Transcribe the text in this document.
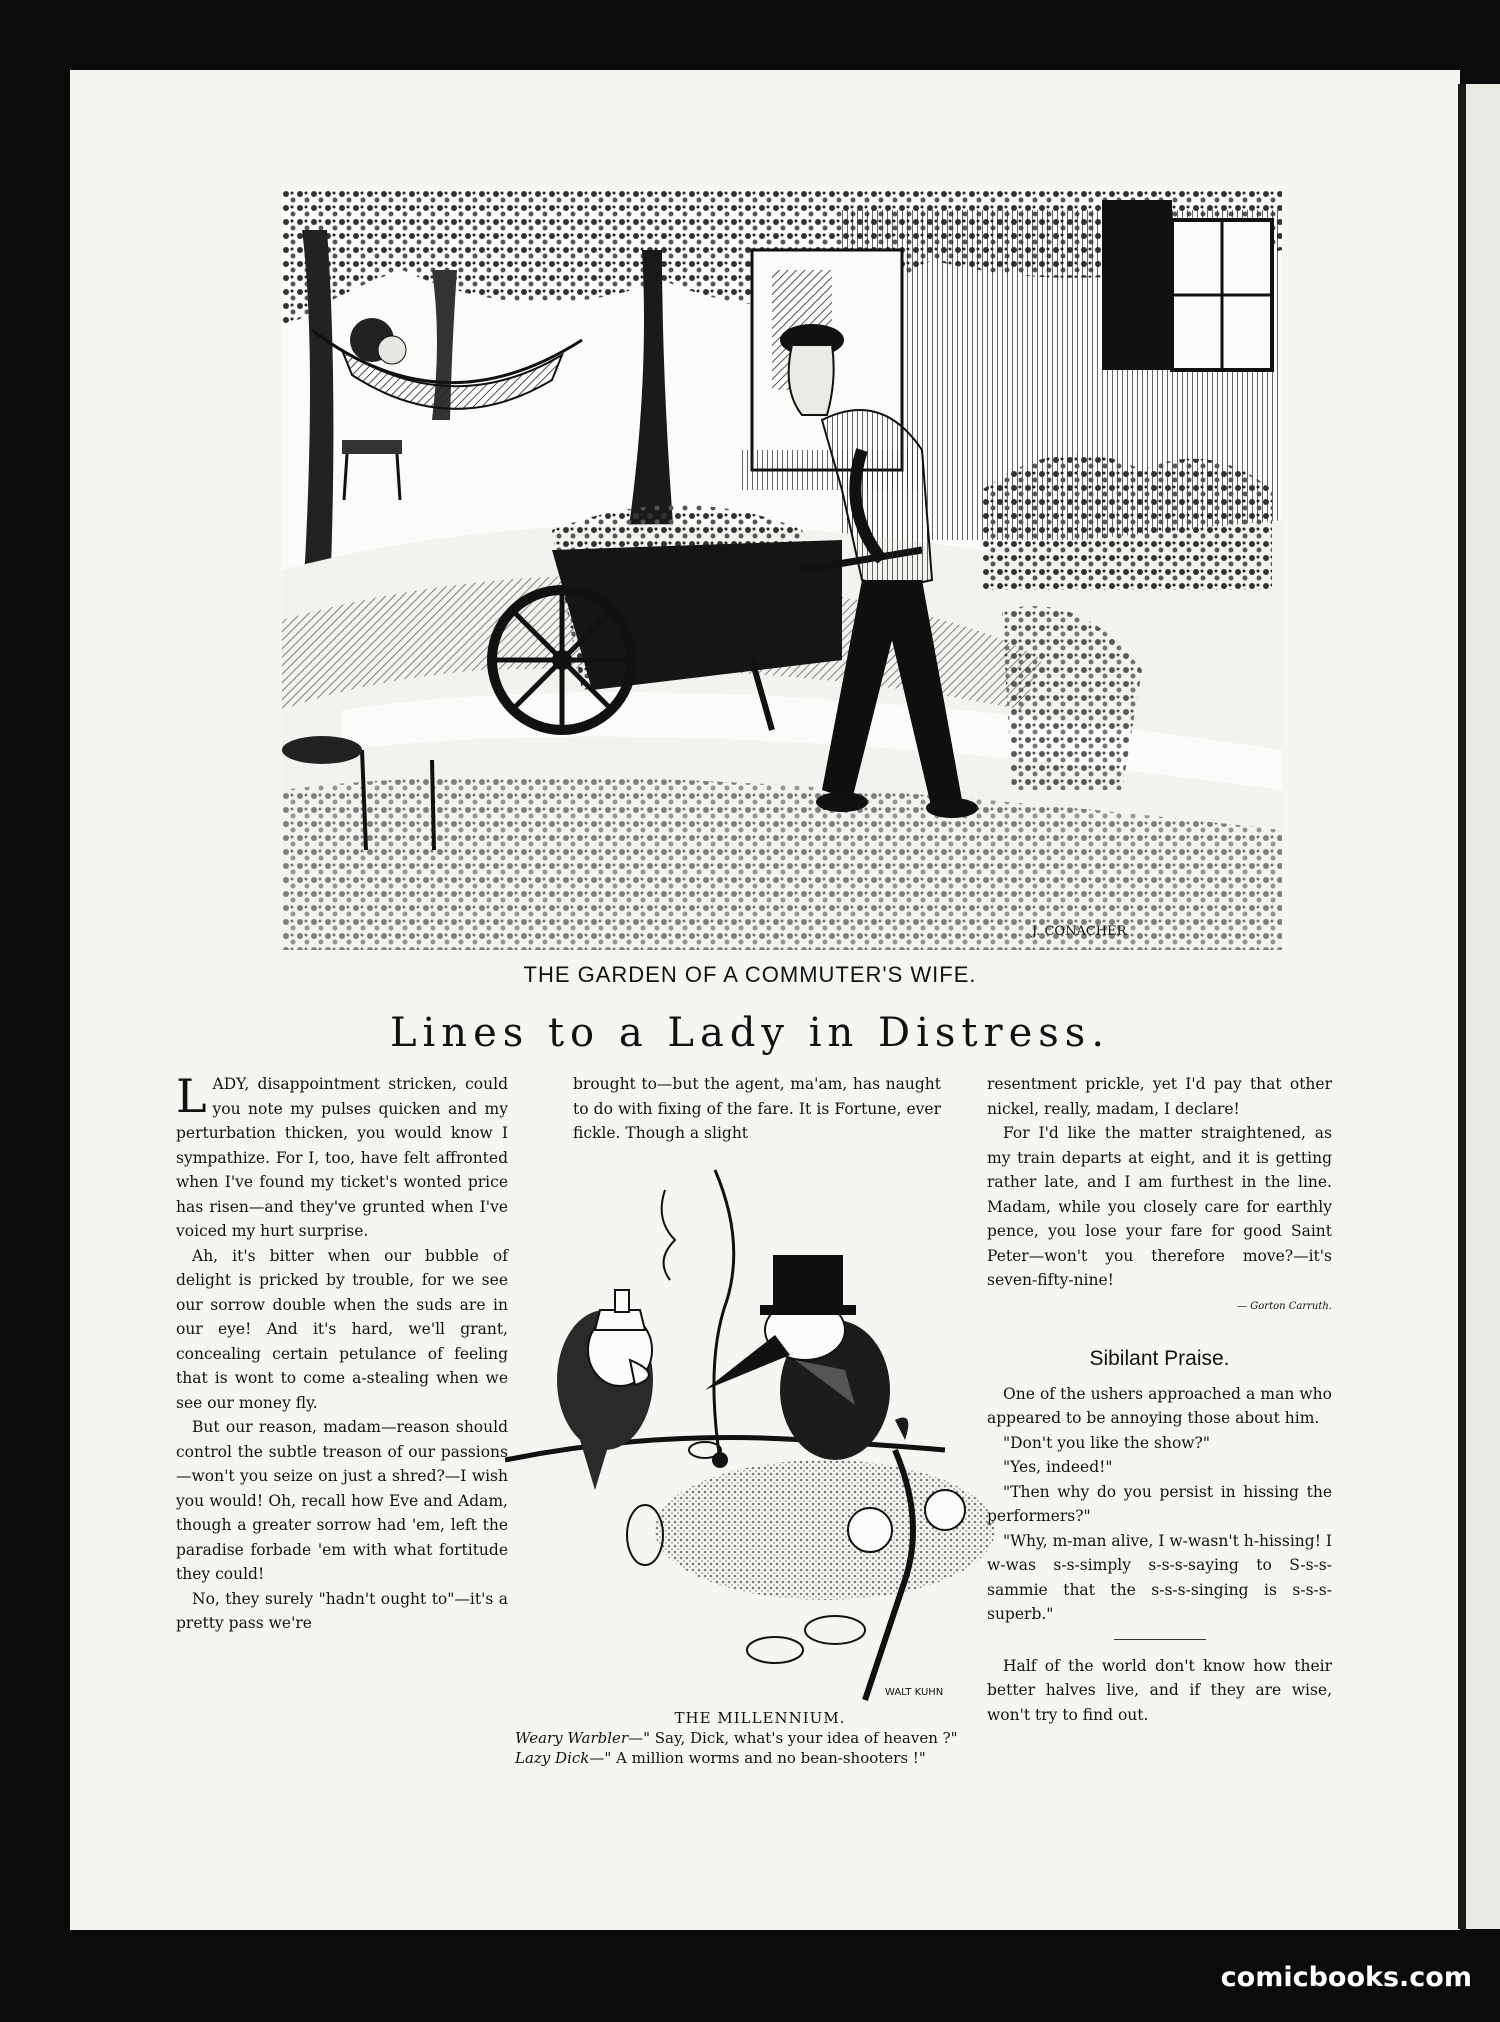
J. CONACHER
THE GARDEN OF A COMMUTER'S WIFE.
Lines to a Lady in Distress.

LADY, disappointment stricken, could you note my pulses quicken and my perturbation thicken, you would know I sympathize. For I, too, have felt affronted when I've found my ticket's wonted price has risen—and they've grunted when I've voiced my hurt surprise.

Ah, it's bitter when our bubble of delight is pricked by trouble, for we see our sorrow double when the suds are in our eye! And it's hard, we'll grant, concealing certain petulance of feeling that is wont to come a-stealing when we see our money fly.

But our reason, madam—reason should control the subtle treason of our passions—won't you seize on just a shred?—I wish you would! Oh, recall how Eve and Adam, though a greater sorrow had 'em, left the paradise forbade 'em with what fortitude they could!

No, they surely "hadn't ought to"—it's a pretty pass we're

brought to—but the agent, ma'am, has naught to do with fixing of the fare. It is Fortune, ever fickle. Though a slight

WALT KUHN
THE MILLENNIUM.
Weary Warbler—" Say, Dick, what's your idea of heaven ?"
Lazy Dick—" A million worms and no bean-shooters !"

resentment prickle, yet I'd pay that other nickel, really, madam, I declare!

For I'd like the matter straightened, as my train departs at eight, and it is getting rather late, and I am furthest in the line. Madam, while you closely care for earthly pence, you lose your fare for good Saint Peter—won't you therefore move?—it's seven-fifty-nine!

— Gorton Carruth.
Sibilant Praise.

One of the ushers approached a man who appeared to be annoying those about him.

"Don't you like the show?"

"Yes, indeed!"

"Then why do you persist in hissing the performers?"

"Why, m-man alive, I w-wasn't h-hissing! I w-was s-s-simply s-s-s-saying to S-s-s-sammie that the s-s-s-singing is s-s-s-superb."

Half of the world don't know how their better halves live, and if they are wise, won't try to find out.

comicbooks.com
